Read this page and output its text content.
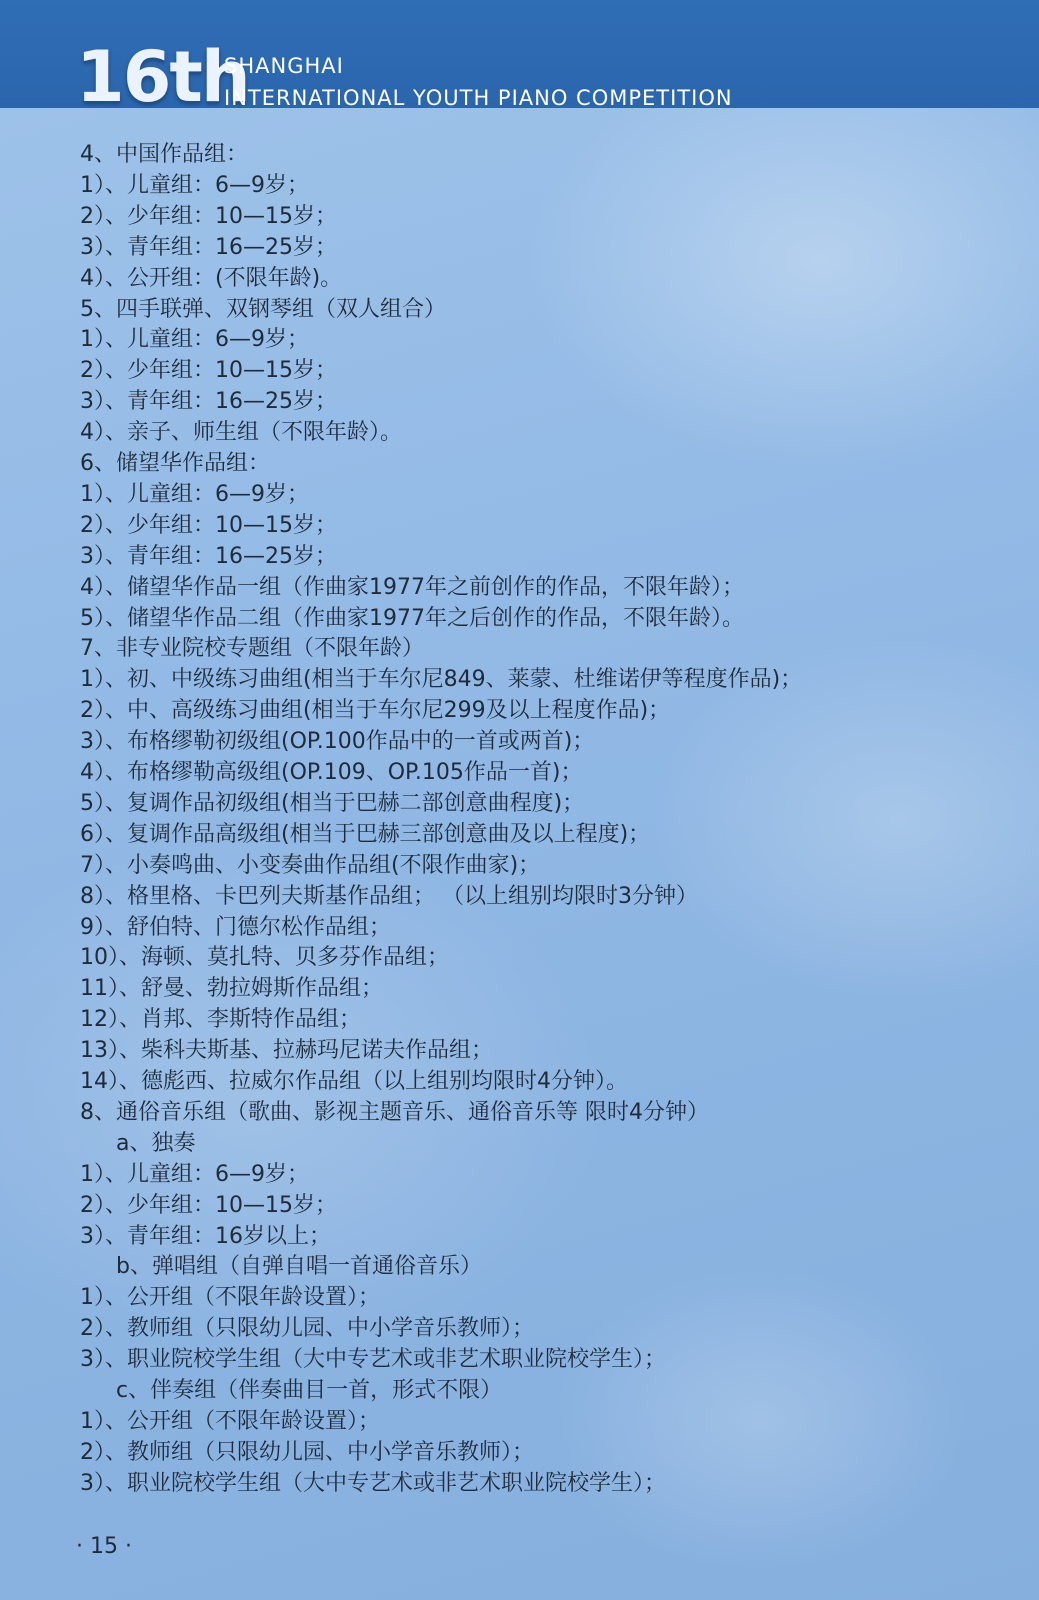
16th
SHANGHAI
INTERNATIONAL YOUTH PIANO COMPETITION
4、中国作品组：
1）、儿童组：6—9岁；
2）、少年组：10—15岁；
3）、青年组：16—25岁；
4）、公开组：(不限年龄)。
5、四手联弹、双钢琴组（双人组合）
1）、儿童组：6—9岁；
2）、少年组：10—15岁；
3）、青年组：16—25岁；
4）、亲子、师生组（不限年龄）。
6、储望华作品组：
1）、儿童组：6—9岁；
2）、少年组：10—15岁；
3）、青年组：16—25岁；
4）、储望华作品一组（作曲家1977年之前创作的作品，不限年龄）；
5）、储望华作品二组（作曲家1977年之后创作的作品，不限年龄）。
7、非专业院校专题组（不限年龄）
1）、初、中级练习曲组(相当于车尔尼849、莱蒙、杜维诺伊等程度作品)；
2）、中、高级练习曲组(相当于车尔尼299及以上程度作品)；
3）、布格缪勒初级组(OP.100作品中的一首或两首)；
4）、布格缪勒高级组(OP.109、OP.105作品一首)；
5）、复调作品初级组(相当于巴赫二部创意曲程度)；
6）、复调作品高级组(相当于巴赫三部创意曲及以上程度)；
7）、小奏鸣曲、小变奏曲作品组(不限作曲家)；
8）、格里格、卡巴列夫斯基作品组； （以上组别均限时3分钟）
9）、舒伯特、门德尔松作品组；
10）、海顿、莫扎特、贝多芬作品组；
11）、舒曼、勃拉姆斯作品组；
12）、肖邦、李斯特作品组；
13）、柴科夫斯基、拉赫玛尼诺夫作品组；
14）、德彪西、拉威尔作品组（以上组别均限时4分钟）。
8、通俗音乐组（歌曲、影视主题音乐、通俗音乐等 限时4分钟）
a、独奏
1）、儿童组：6—9岁；
2）、少年组：10—15岁；
3）、青年组：16岁以上；
b、弹唱组（自弹自唱一首通俗音乐）
1）、公开组（不限年龄设置）；
2）、教师组（只限幼儿园、中小学音乐教师）；
3）、职业院校学生组（大中专艺术或非艺术职业院校学生）；
c、伴奏组（伴奏曲目一首，形式不限）
1）、公开组（不限年龄设置）；
2）、教师组（只限幼儿园、中小学音乐教师）；
3）、职业院校学生组（大中专艺术或非艺术职业院校学生）；
· 15 ·
